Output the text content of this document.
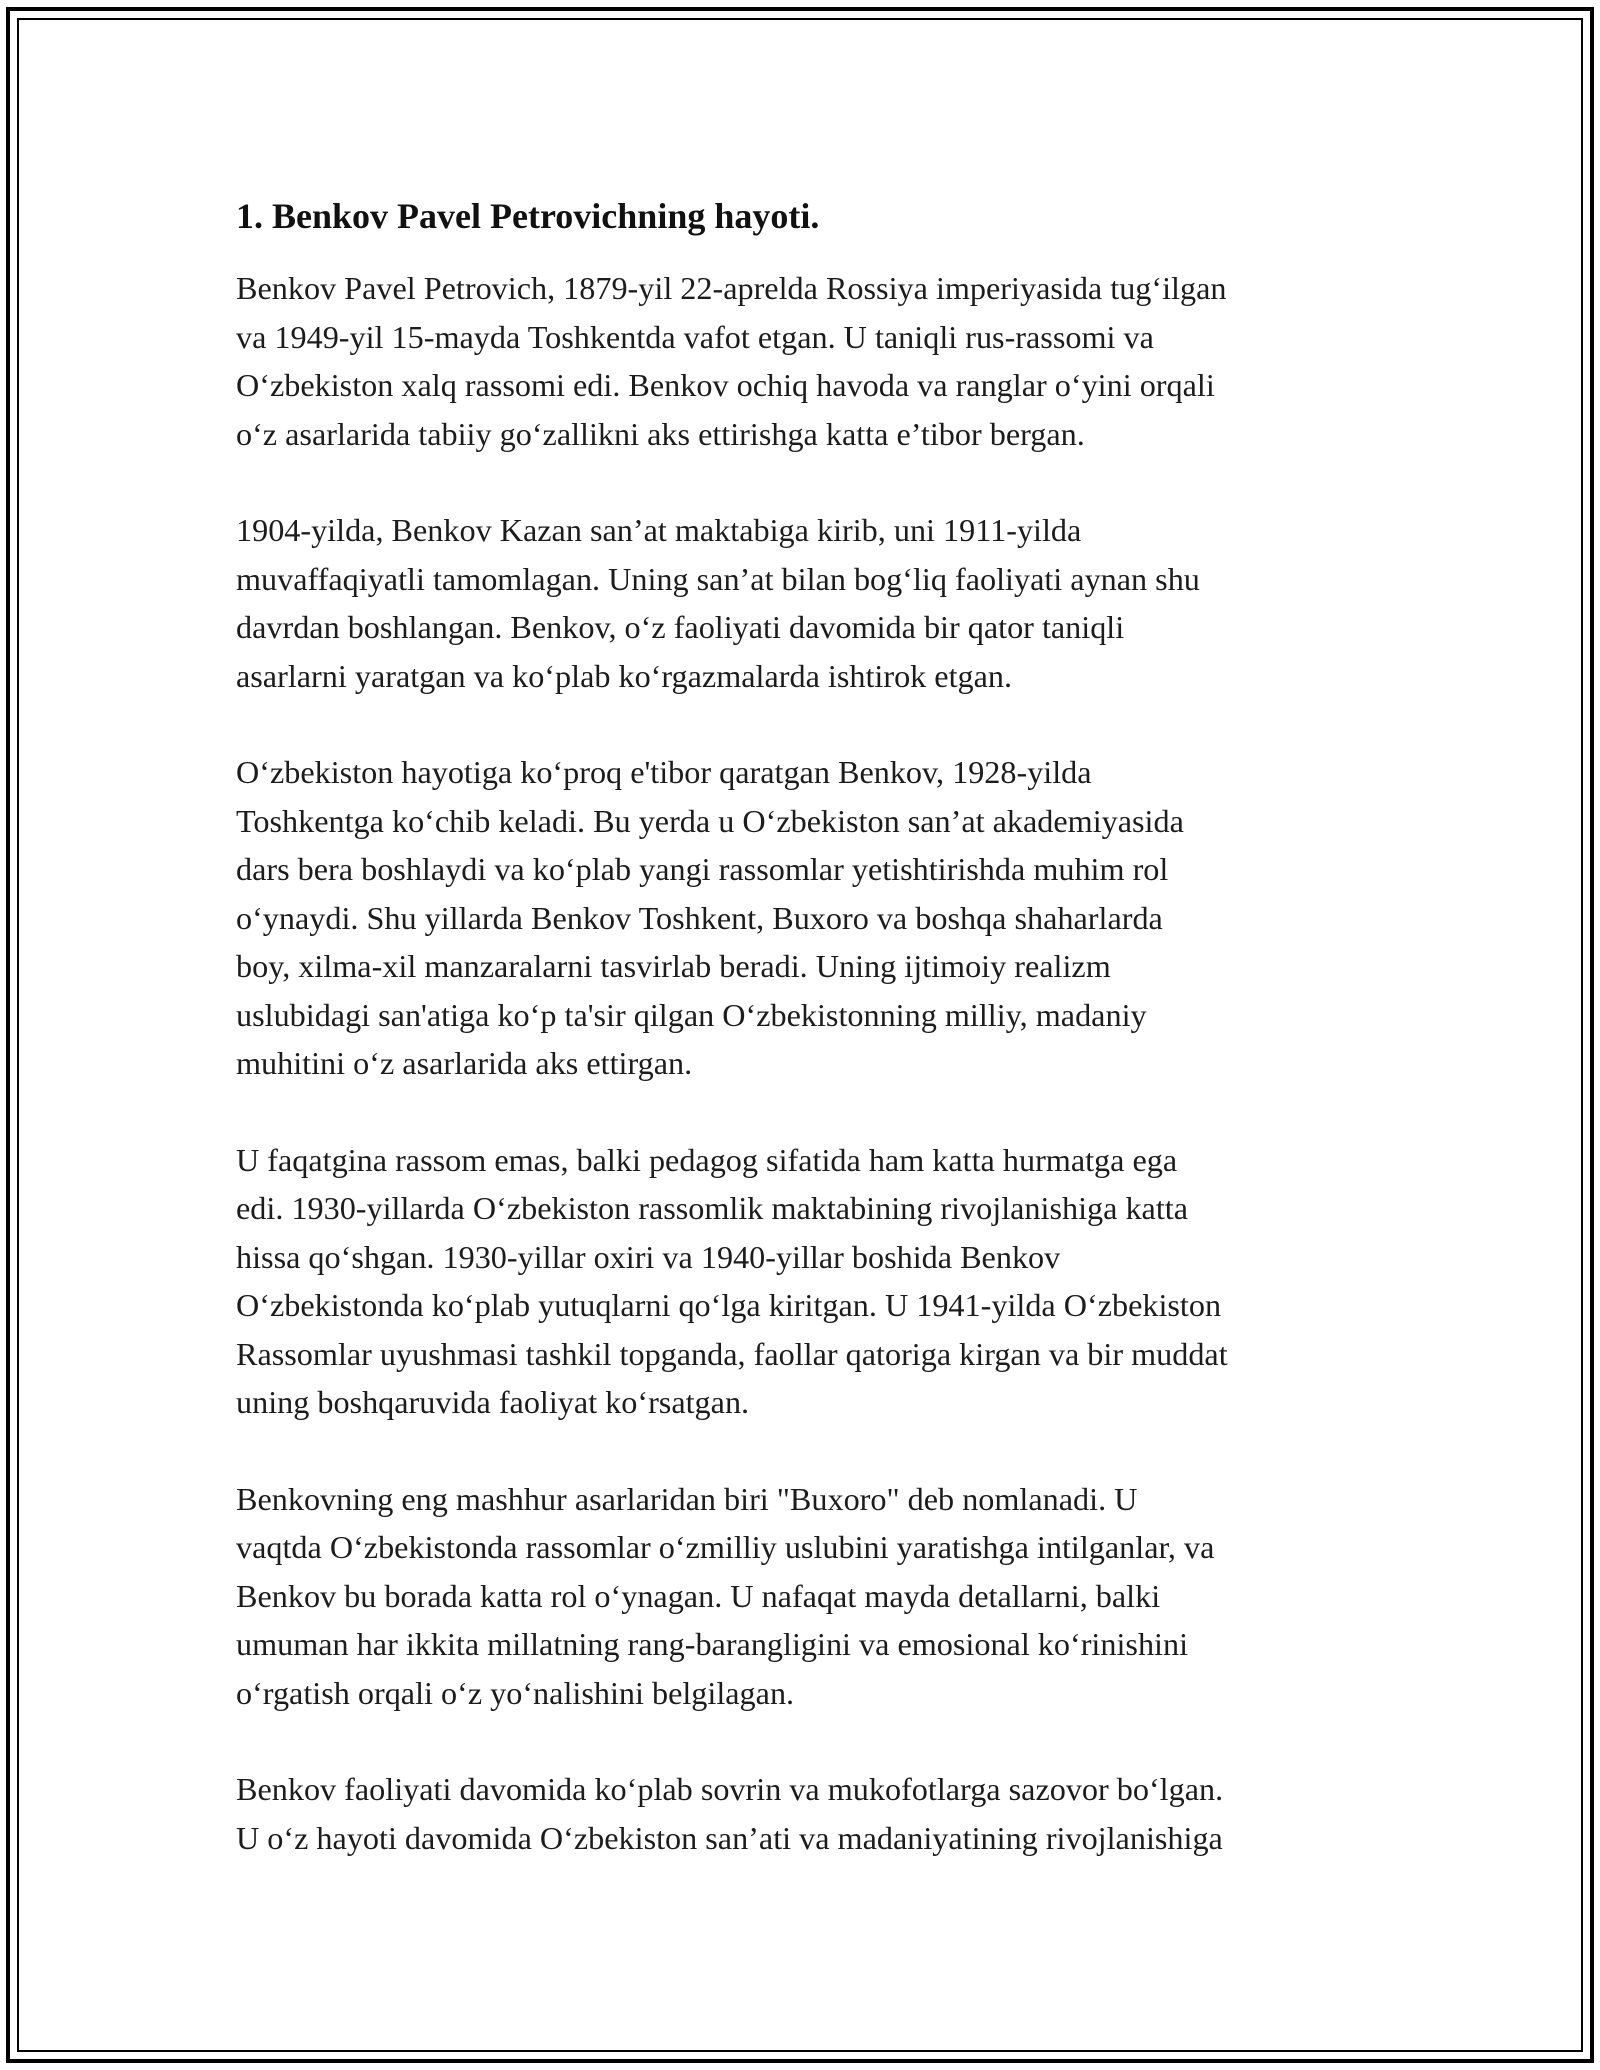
1. Benkov Pavel Petrovichning hayoti.

Benkov Pavel Petrovich, 1879-yil 22-aprelda Rossiya imperiyasida tug‘ilgan
va 1949-yil 15-mayda Toshkentda vafot etgan. U taniqli rus-rassomi va
O‘zbekiston xalq rassomi edi. Benkov ochiq havoda va ranglar o‘yini orqali
o‘z asarlarida tabiiy go‘zallikni aks ettirishga katta e’tibor bergan.

1904-yilda, Benkov Kazan san’at maktabiga kirib, uni 1911-yilda
muvaffaqiyatli tamomlagan. Uning san’at bilan bog‘liq faoliyati aynan shu
davrdan boshlangan. Benkov, o‘z faoliyati davomida bir qator taniqli
asarlarni yaratgan va ko‘plab ko‘rgazmalarda ishtirok etgan.

O‘zbekiston hayotiga ko‘proq e'tibor qaratgan Benkov, 1928-yilda
Toshkentga ko‘chib keladi. Bu yerda u O‘zbekiston san’at akademiyasida
dars bera boshlaydi va ko‘plab yangi rassomlar yetishtirishda muhim rol
o‘ynaydi. Shu yillarda Benkov Toshkent, Buxoro va boshqa shaharlarda
boy, xilma-xil manzaralarni tasvirlab beradi. Uning ijtimoiy realizm
uslubidagi san'atiga ko‘p ta'sir qilgan O‘zbekistonning milliy, madaniy
muhitini o‘z asarlarida aks ettirgan.

U faqatgina rassom emas, balki pedagog sifatida ham katta hurmatga ega
edi. 1930-yillarda O‘zbekiston rassomlik maktabining rivojlanishiga katta
hissa qo‘shgan. 1930-yillar oxiri va 1940-yillar boshida Benkov
O‘zbekistonda ko‘plab yutuqlarni qo‘lga kiritgan. U 1941-yilda O‘zbekiston
Rassomlar uyushmasi tashkil topganda, faollar qatoriga kirgan va bir muddat
uning boshqaruvida faoliyat ko‘rsatgan.

Benkovning eng mashhur asarlaridan biri "Buxoro" deb nomlanadi. U
vaqtda O‘zbekistonda rassomlar o‘zmilliy uslubini yaratishga intilganlar, va
Benkov bu borada katta rol o‘ynagan. U nafaqat mayda detallarni, balki
umuman har ikkita millatning rang-barangligini va emosional ko‘rinishini
o‘rgatish orqali o‘z yo‘nalishini belgilagan.

Benkov faoliyati davomida ko‘plab sovrin va mukofotlarga sazovor bo‘lgan.
U o‘z hayoti davomida O‘zbekiston san’ati va madaniyatining rivojlanishiga
